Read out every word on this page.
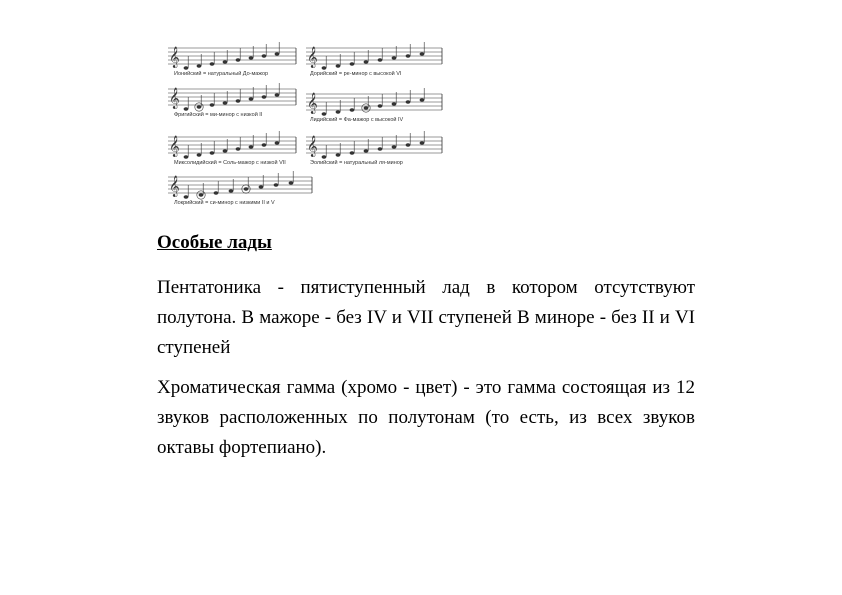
𝄞	𝄞
𝄞	𝄞
𝄞	𝄞
𝄞
Ионийский = натуральный До-мажор	Дорийский = ре-минор с высокой VI
Фригийский = ми-минор с низкой II
Лидийский = Фа-мажор с высокой IV
Миксолидийский = Соль-мажор с низкой VII	Эолийский = натуральный ля-минор
Локрийский = си-минор с низкими II и V
Особые лады
Пентатоника - пятиступенный лад в котором отсутствуют полутона. В мажоре - без IV и VII ступеней В миноре - без II и VI ступеней
Хроматическая гамма (хромо - цвет) - это гамма состоящая из 12 звуков расположенных по полутонам (то есть, из всех звуков октавы фортепиано).
